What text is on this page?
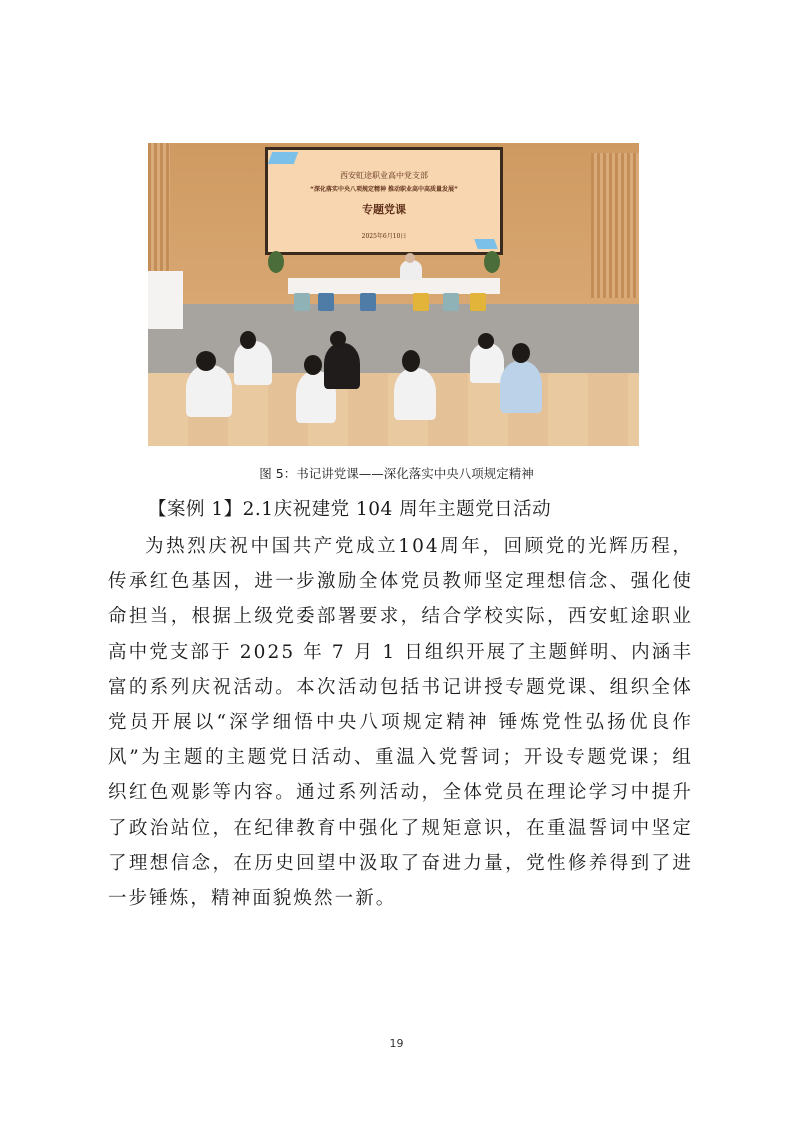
西安虹途职业高中党支部
“深化落实中央八项规定精神 推动职业高中高质量发展”
专题党课
2025年6月10日
图 5：书记讲党课——深化落实中央八项规定精神
【案例 1】2.1庆祝建党 104 周年主题党日活动

为热烈庆祝中国共产党成立104周年，回顾党的光辉历程，传承红色基因，进一步激励全体党员教师坚定理想信念、强化使命担当，根据上级党委部署要求，结合学校实际，西安虹途职业高中党支部于 2025 年 7 月 1 日组织开展了主题鲜明、内涵丰富的系列庆祝活动。本次活动包括书记讲授专题党课、组织全体党员开展以“深学细悟中央八项规定精神 锤炼党性弘扬优良作风”为主题的主题党日活动、重温入党誓词；开设专题党课；组织红色观影等内容。通过系列活动，全体党员在理论学习中提升了政治站位，在纪律教育中强化了规矩意识，在重温誓词中坚定了理想信念，在历史回望中汲取了奋进力量，党性修养得到了进一步锤炼，精神面貌焕然一新。

19
